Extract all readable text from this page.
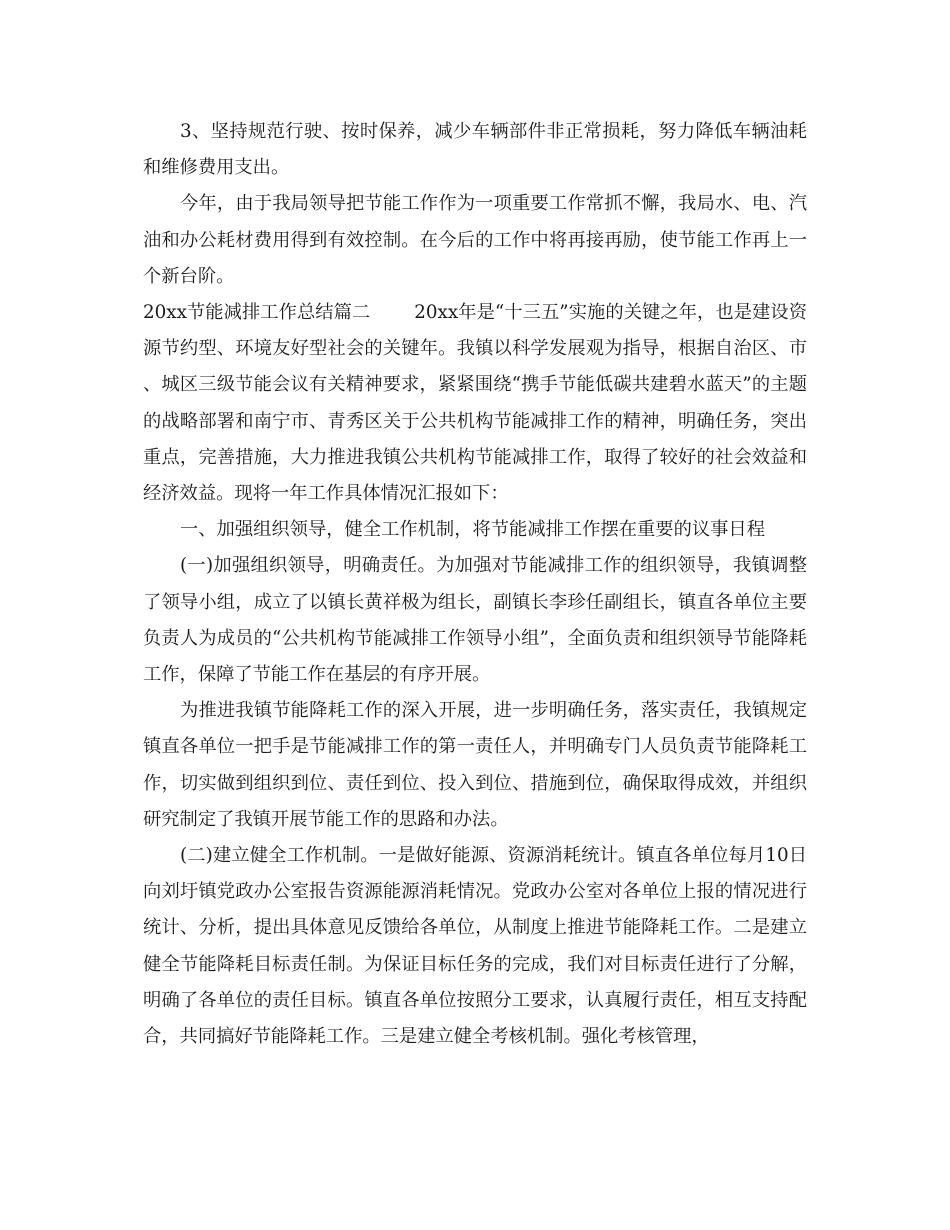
3、坚持规范行驶、按时保养，减少车辆部件非正常损耗，努力降低车辆油耗和维修费用支出。

今年，由于我局领导把节能工作作为一项重要工作常抓不懈，我局水、电、汽油和办公耗材费用得到有效控制。在今后的工作中将再接再励，使节能工作再上一个新台阶。

20xx节能减排工作总结篇二 20xx年是“十三五”实施的关键之年，也是建设资源节约型、环境友好型社会的关键年。我镇以科学发展观为指导，根据自治区、市、城区三级节能会议有关精神要求，紧紧围绕“携手节能低碳共建碧水蓝天”的主题的战略部署和南宁市、青秀区关于公共机构节能减排工作的精神，明确任务，突出重点，完善措施，大力推进我镇公共机构节能减排工作，取得了较好的社会效益和经济效益。现将一年工作具体情况汇报如下：

一、加强组织领导，健全工作机制，将节能减排工作摆在重要的议事日程

(一)加强组织领导，明确责任。为加强对节能减排工作的组织领导，我镇调整了领导小组，成立了以镇长黄祥极为组长，副镇长李珍任副组长，镇直各单位主要负责人为成员的“公共机构节能减排工作领导小组”，全面负责和组织领导节能降耗工作，保障了节能工作在基层的有序开展。

为推进我镇节能降耗工作的深入开展，进一步明确任务，落实责任，我镇规定镇直各单位一把手是节能减排工作的第一责任人，并明确专门人员负责节能降耗工作，切实做到组织到位、责任到位、投入到位、措施到位，确保取得成效，并组织研究制定了我镇开展节能工作的思路和办法。

(二)建立健全工作机制。一是做好能源、资源消耗统计。镇直各单位每月10日向刘圩镇党政办公室报告资源能源消耗情况。党政办公室对各单位上报的情况进行统计、分析，提出具体意见反馈给各单位，从制度上推进节能降耗工作。二是建立健全节能降耗目标责任制。为保证目标任务的完成，我们对目标责任进行了分解，明确了各单位的责任目标。镇直各单位按照分工要求，认真履行责任，相互支持配合，共同搞好节能降耗工作。三是建立健全考核机制。强化考核管理，
